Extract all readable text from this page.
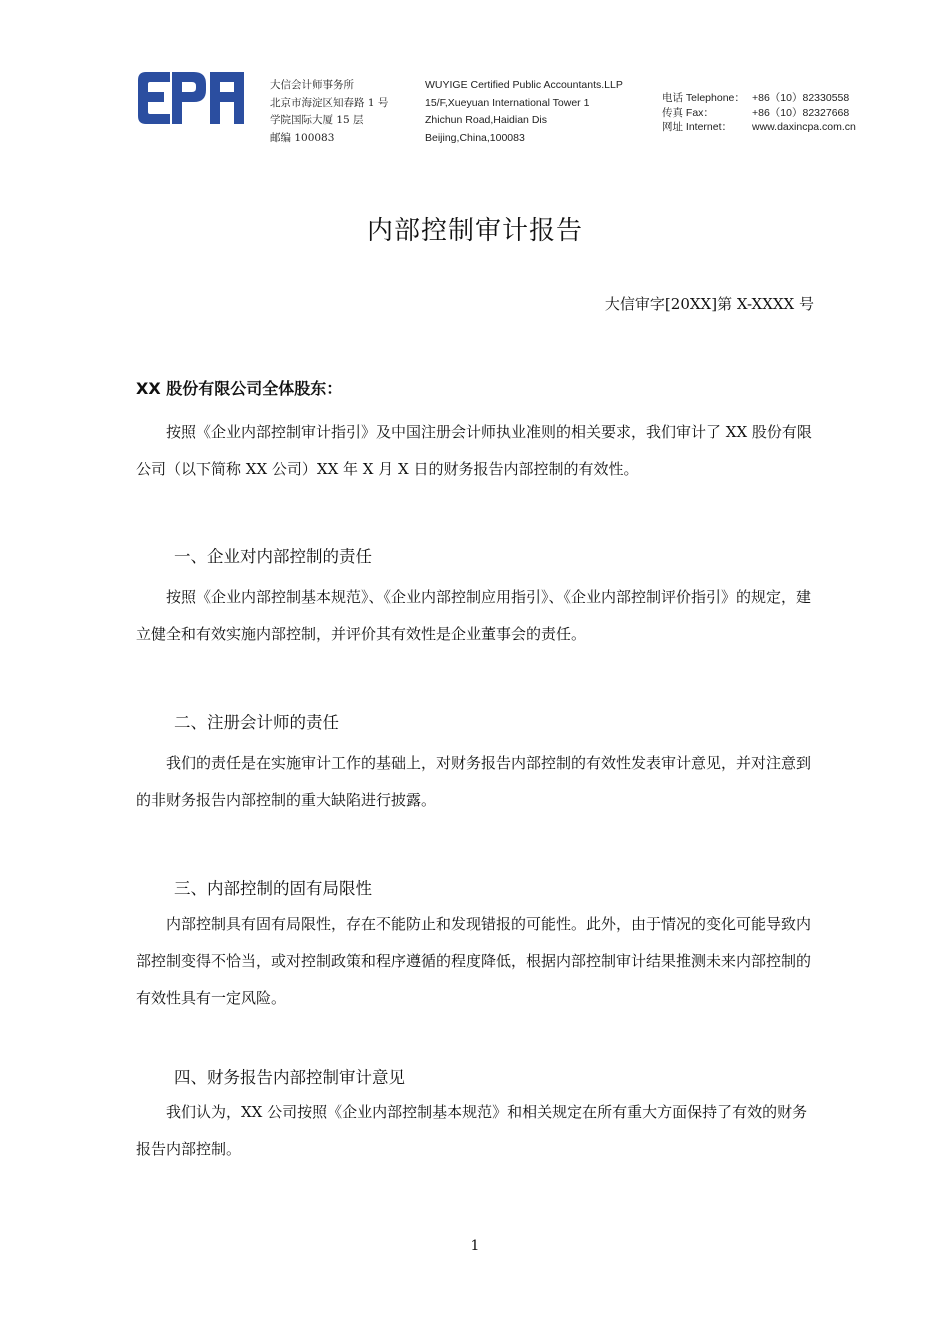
大信会计师事务所
北京市海淀区知春路 1 号
学院国际大厦 15 层
邮编 100083
WUYIGE Certified Public Accountants.LLP
15/F,Xueyuan International Tower 1
Zhichun Road,Haidian Dis
Beijing,China,100083
电话 Telephone： +86（10）82330558
传真 Fax：	+86（10）82327668
网址 Internet：	www.daxincpa.com.cn
内部控制审计报告
大信审字[20XX]第 X-XXXX 号
XX 股份有限公司全体股东：

按照《企业内部控制审计指引》及中国注册会计师执业准则的相关要求，我们审计了 XX 股份有限公司（以下简称 XX 公司）XX 年 X 月 X 日的财务报告内部控制的有效性。

一、企业对内部控制的责任

按照《企业内部控制基本规范》、《企业内部控制应用指引》、《企业内部控制评价指引》的规定，建立健全和有效实施内部控制，并评价其有效性是企业董事会的责任。

二、注册会计师的责任

我们的责任是在实施审计工作的基础上，对财务报告内部控制的有效性发表审计意见，并对注意到的非财务报告内部控制的重大缺陷进行披露。

三、内部控制的固有局限性

内部控制具有固有局限性，存在不能防止和发现错报的可能性。此外，由于情况的变化可能导致内部控制变得不恰当，或对控制政策和程序遵循的程度降低，根据内部控制审计结果推测未来内部控制的有效性具有一定风险。

四、财务报告内部控制审计意见

我们认为，XX 公司按照《企业内部控制基本规范》和相关规定在所有重大方面保持了有效的财务报告内部控制。

1
